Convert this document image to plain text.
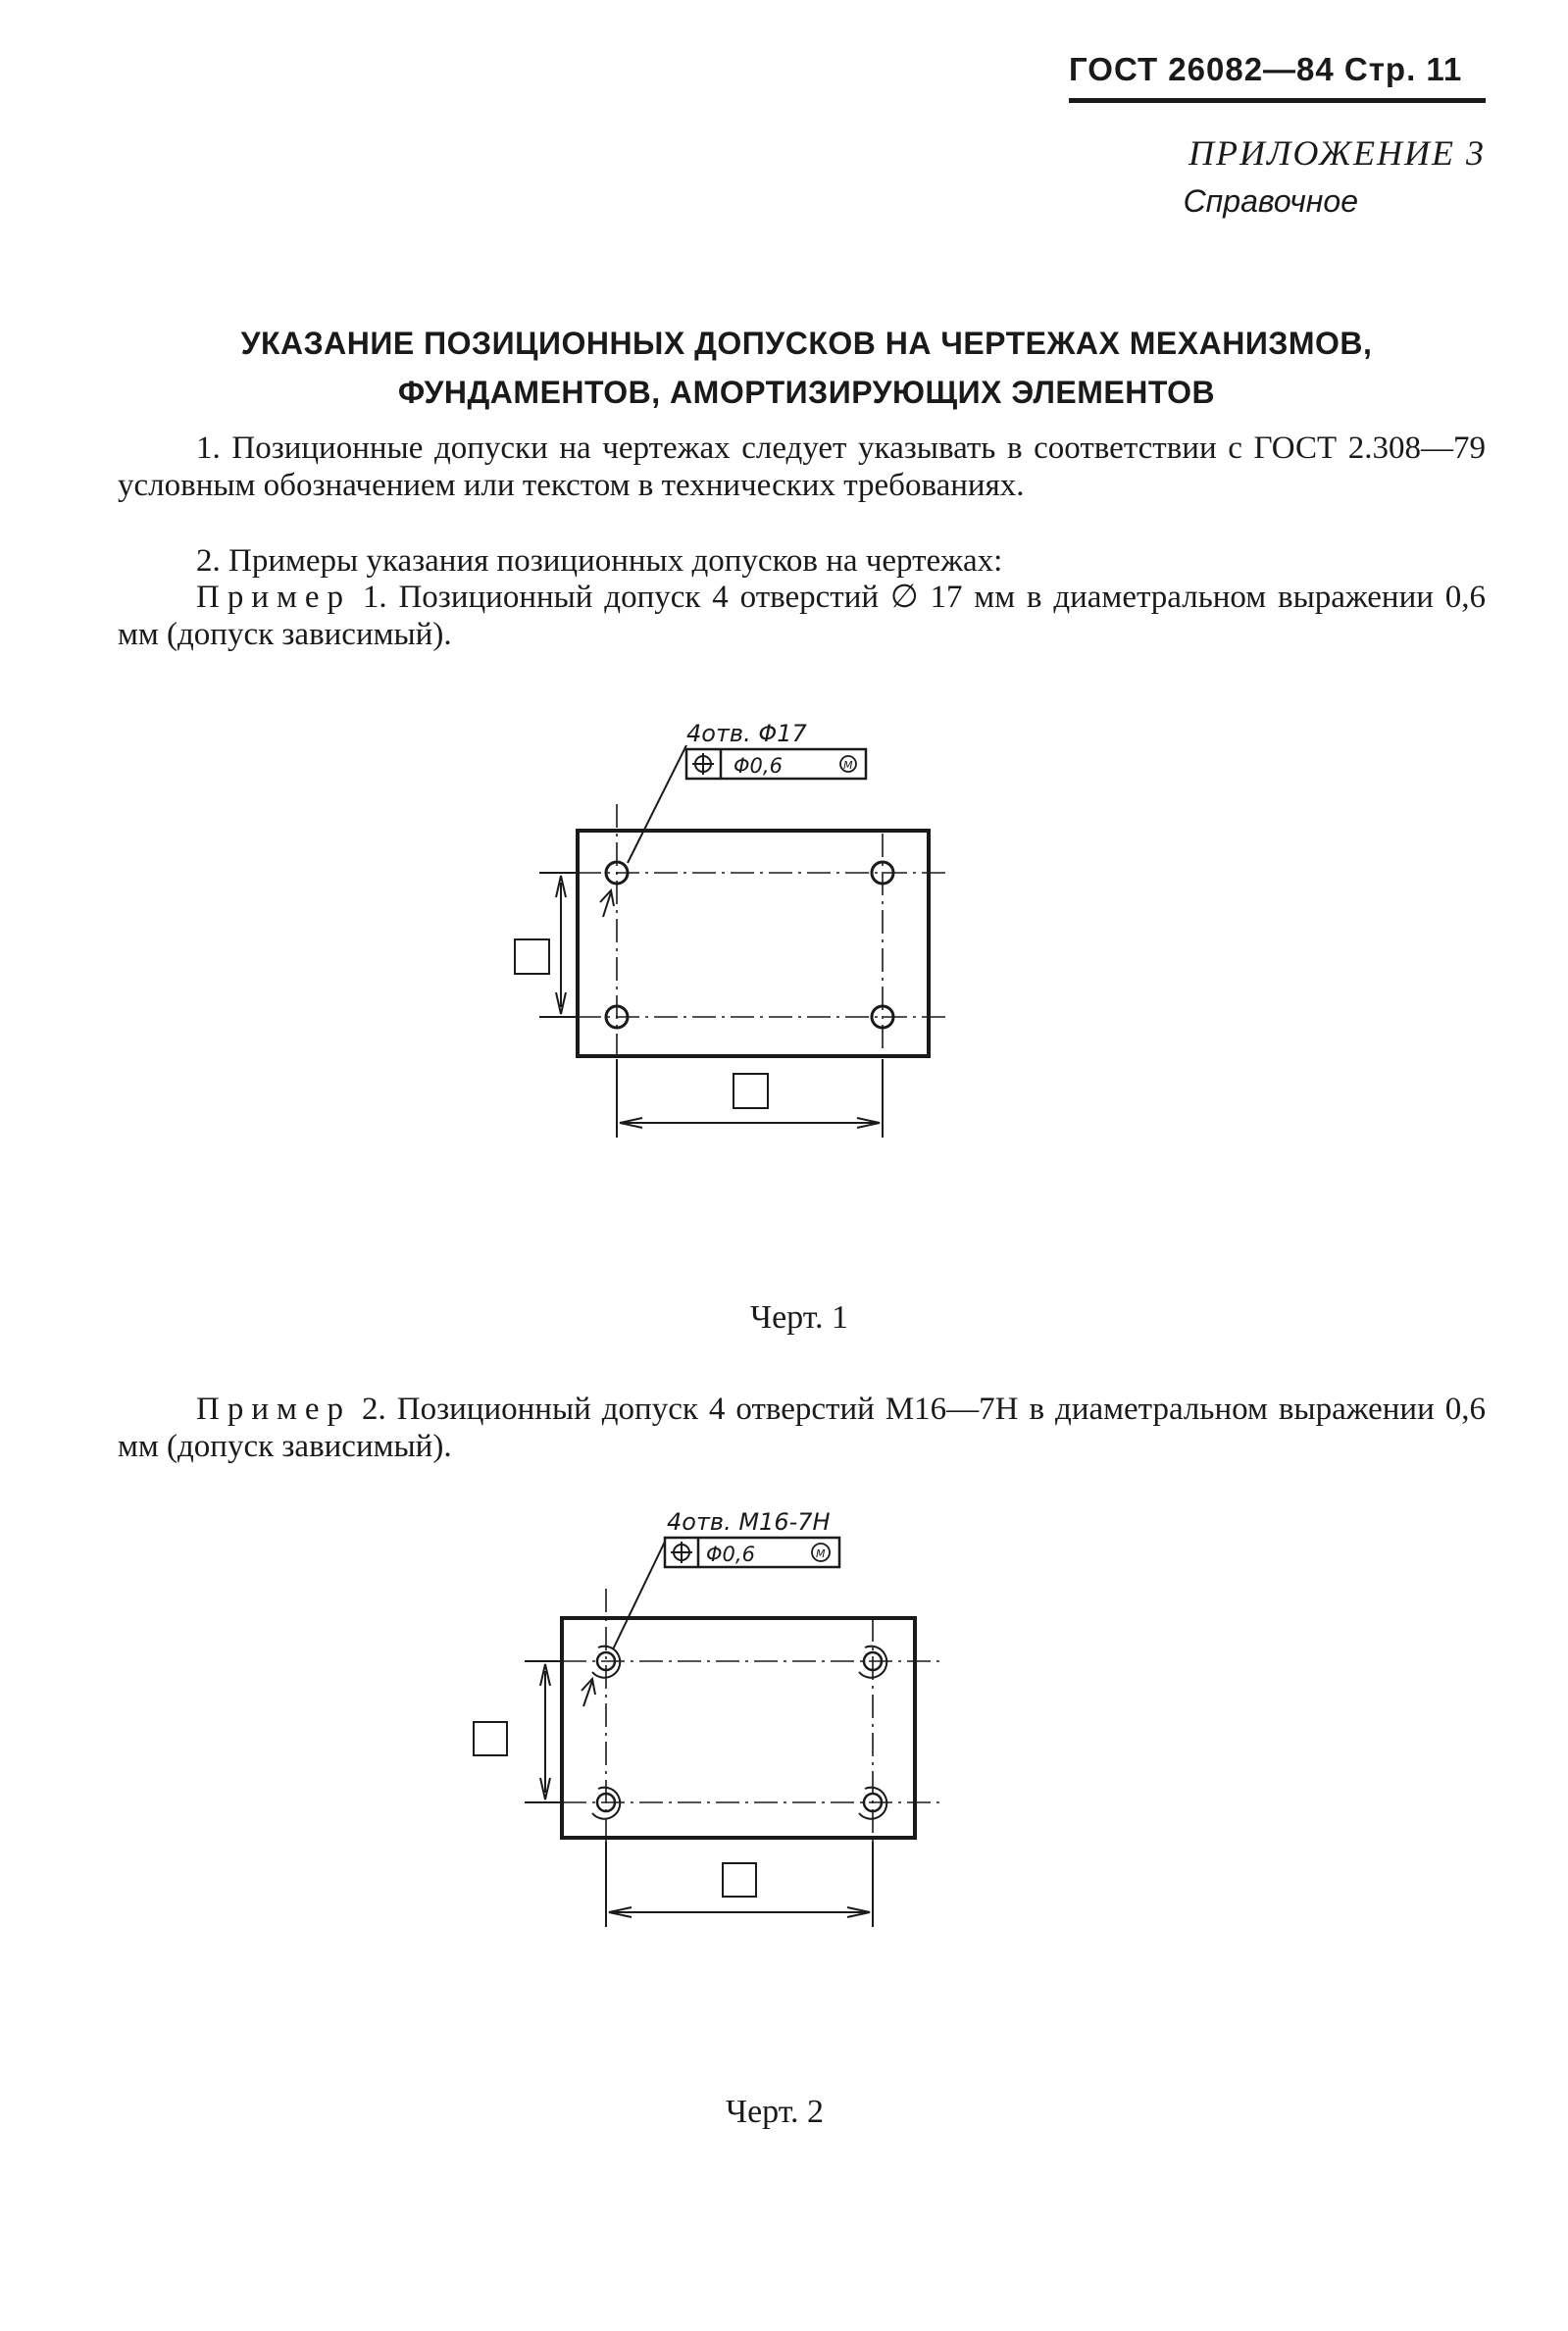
ГОСТ 26082—84 Стр. 11
ПРИЛОЖЕНИЕ 3
Справочное
УКАЗАНИЕ ПОЗИЦИОННЫХ ДОПУСКОВ НА ЧЕРТЕЖАХ МЕХАНИЗМОВ,
ФУНДАМЕНТОВ, АМОРТИЗИРУЮЩИХ ЭЛЕМЕНТОВ
1. Позиционные допуски на чертежах следует указывать в соответствии с ГОСТ 2.308—79 условным обозначением или текстом в технических требованиях.
2. Примеры указания позиционных допусков на чертежах:
Пример 1. Позиционный допуск 4 отверстий ∅ 17 мм в диаметральном выражении 0,6 мм (допуск зависимый).
4отв. Φ17
Φ0,6	M
Черт. 1
Пример 2. Позиционный допуск 4 отверстий М16—7Н в диаметральном выражении 0,6 мм (допуск зависимый).
4отв. М16-7Н
Φ0,6	M
Черт. 2
